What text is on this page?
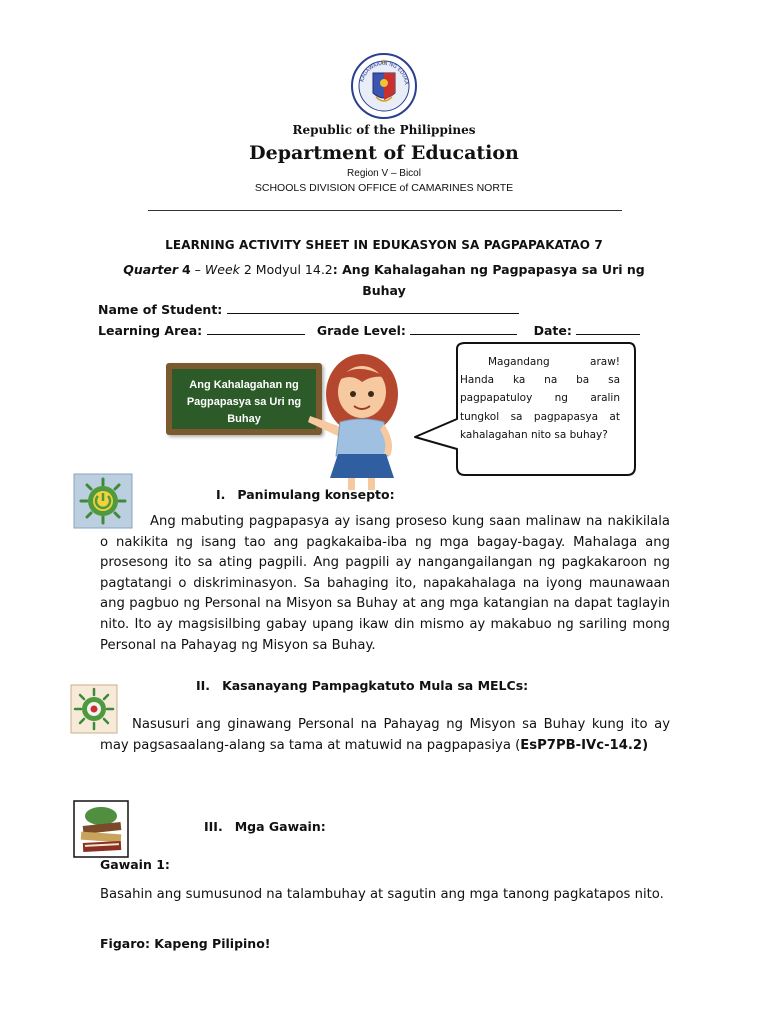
KAGAWARAN NG EDUKA
Republic of the Philippines
Department of Education
Region V – Bicol
SCHOOLS DIVISION OFFICE of CAMARINES NORTE
LEARNING ACTIVITY SHEET IN EDUKASYON SA PAGPAPAKATAO 7
Quarter 4 – Week 2 Modyul 14.2: Ang Kahalagahan ng Pagpapasya sa Uri ng Buhay
Name of Student:
Learning Area:	Grade Level:	Date:
Ang Kahalagahan ng Pagpapasya sa Uri ng Buhay
Magandang araw!
Handa ka na ba sa pagpapatuloy ng aralin tungkol sa pagpapasya at kahalagahan nito sa buhay?
I. Panimulang konsepto:
Ang mabuting pagpapasya ay isang proseso kung saan malinaw na nakikilala o nakikita ng isang tao ang pagkakaiba-iba ng mga bagay-bagay. Mahalaga ang prosesong ito sa ating pagpili. Ang pagpili ay nangangailangan ng pagkakaroon ng pagtatangi o diskriminasyon. Sa bahaging ito, napakahalaga na iyong maunawaan ang pagbuo ng Personal na Misyon sa Buhay at ang mga katangian na dapat taglayin nito. Ito ay magsisilbing gabay upang ikaw din mismo ay makabuo ng sariling mong Personal na Pahayag ng Misyon sa Buhay.
II. Kasanayang Pampagkatuto Mula sa MELCs:
Nasusuri ang ginawang Personal na Pahayag ng Misyon sa Buhay kung ito ay may pagsasaalang-alang sa tama at matuwid na pagpapasiya (EsP7PB-IVc-14.2)
III. Mga Gawain:
Gawain 1:
Basahin ang sumusunod na talambuhay at sagutin ang mga tanong pagkatapos nito.
Figaro: Kapeng Pilipino!
